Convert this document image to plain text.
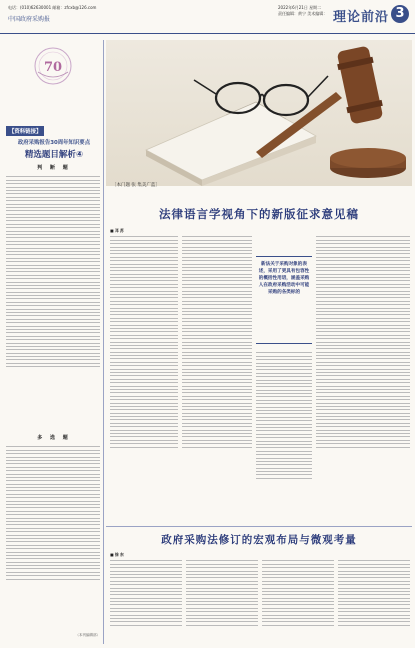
电话：(010)62630001 邮箱：zfcxb@126.com
中国政府采购报
2022年6月21日 星期二
责任编辑：黄宁 美术编辑： 理论前沿 3
70
【资料链接】
政府采购报告30周年知识要点
精选题目解析④
判 断 题
多 选 题
（本刊编辑部）
［本门题 张 集美广蓝］
法律语言学视角下的新版征求意见稿
■ 邓 苏
新法关于采购对象的表述，采用了更具有包容性的概括性用语，涵盖采购人在政府采购活动中可能采购的各类标的
政府采购法修订的宏观布局与微观考量
■ 徐 东
